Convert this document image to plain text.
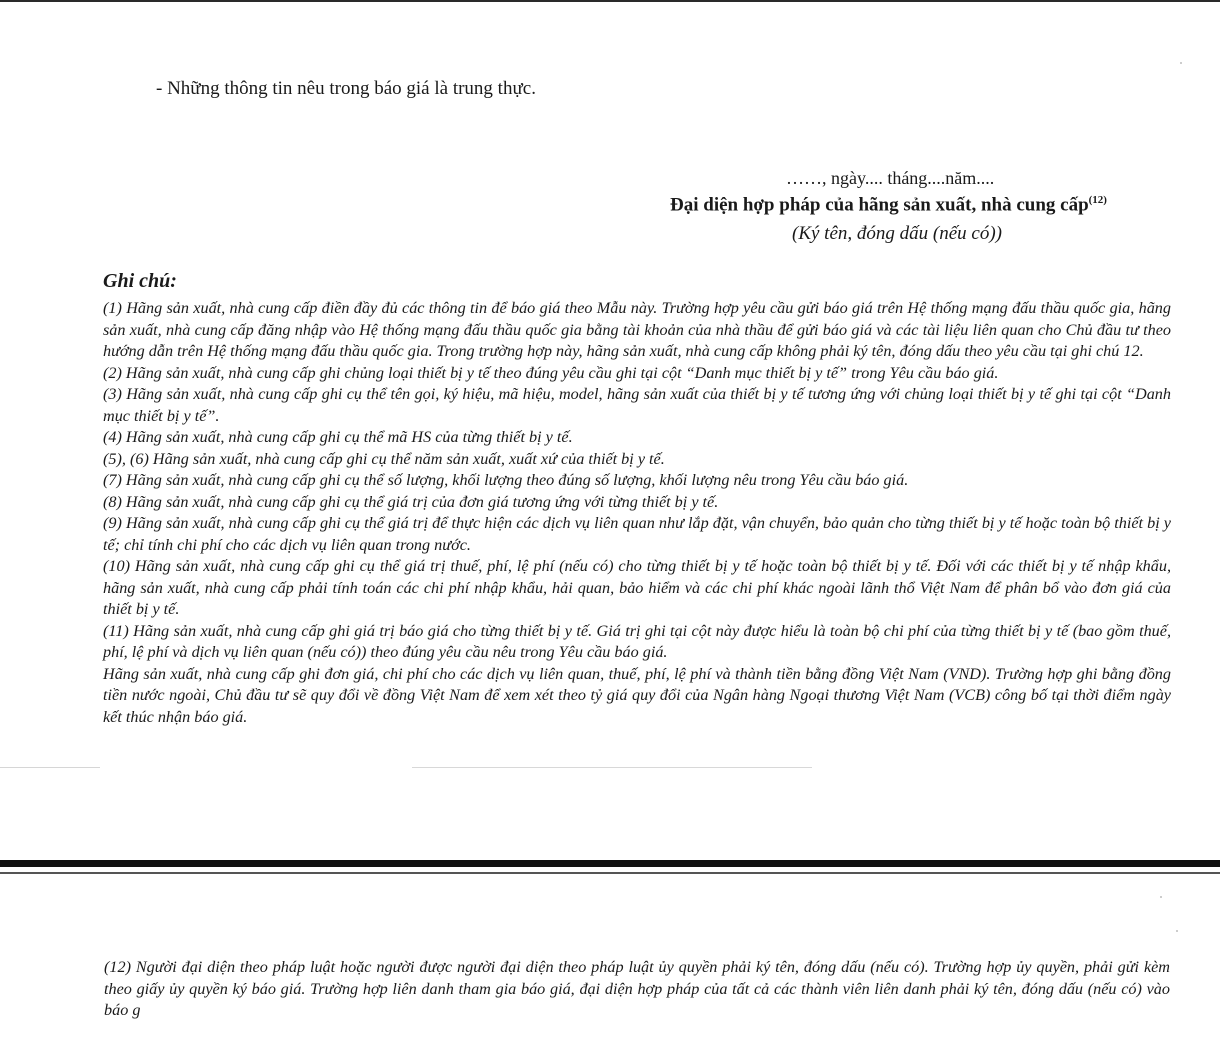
- Những thông tin nêu trong báo giá là trung thực.
……, ngày.... tháng....năm....
Đại diện hợp pháp của hãng sản xuất, nhà cung cấp$^{(12)}$
(Ký tên, đóng dấu (nếu có))
Ghi chú:

(1) Hãng sản xuất, nhà cung cấp điền đầy đủ các thông tin để báo giá theo Mẫu này. Trường hợp yêu cầu gửi báo giá trên Hệ thống mạng đấu thầu quốc gia, hãng sản xuất, nhà cung cấp đăng nhập vào Hệ thống mạng đấu thầu quốc gia bằng tài khoản của nhà thầu để gửi báo giá và các tài liệu liên quan cho Chủ đầu tư theo hướng dẫn trên Hệ thống mạng đấu thầu quốc gia. Trong trường hợp này, hãng sản xuất, nhà cung cấp không phải ký tên, đóng dấu theo yêu cầu tại ghi chú 12.

(2) Hãng sản xuất, nhà cung cấp ghi chủng loại thiết bị y tế theo đúng yêu cầu ghi tại cột “Danh mục thiết bị y tế” trong Yêu cầu báo giá.

(3) Hãng sản xuất, nhà cung cấp ghi cụ thể tên gọi, ký hiệu, mã hiệu, model, hãng sản xuất của thiết bị y tế tương ứng với chủng loại thiết bị y tế ghi tại cột “Danh mục thiết bị y tế”.

(4) Hãng sản xuất, nhà cung cấp ghi cụ thể mã HS của từng thiết bị y tế.

(5), (6) Hãng sản xuất, nhà cung cấp ghi cụ thể năm sản xuất, xuất xứ của thiết bị y tế.

(7) Hãng sản xuất, nhà cung cấp ghi cụ thể số lượng, khối lượng theo đúng số lượng, khối lượng nêu trong Yêu cầu báo giá.

(8) Hãng sản xuất, nhà cung cấp ghi cụ thể giá trị của đơn giá tương ứng với từng thiết bị y tế.

(9) Hãng sản xuất, nhà cung cấp ghi cụ thể giá trị để thực hiện các dịch vụ liên quan như lắp đặt, vận chuyển, bảo quản cho từng thiết bị y tế hoặc toàn bộ thiết bị y tế; chỉ tính chi phí cho các dịch vụ liên quan trong nước.

(10) Hãng sản xuất, nhà cung cấp ghi cụ thể giá trị thuế, phí, lệ phí (nếu có) cho từng thiết bị y tế hoặc toàn bộ thiết bị y tế. Đối với các thiết bị y tế nhập khẩu, hãng sản xuất, nhà cung cấp phải tính toán các chi phí nhập khẩu, hải quan, bảo hiểm và các chi phí khác ngoài lãnh thổ Việt Nam để phân bổ vào đơn giá của thiết bị y tế.

(11) Hãng sản xuất, nhà cung cấp ghi giá trị báo giá cho từng thiết bị y tế. Giá trị ghi tại cột này được hiểu là toàn bộ chi phí của từng thiết bị y tế (bao gồm thuế, phí, lệ phí và dịch vụ liên quan (nếu có)) theo đúng yêu cầu nêu trong Yêu cầu báo giá.

Hãng sản xuất, nhà cung cấp ghi đơn giá, chi phí cho các dịch vụ liên quan, thuế, phí, lệ phí và thành tiền bằng đồng Việt Nam (VND). Trường hợp ghi bằng đồng tiền nước ngoài, Chủ đầu tư sẽ quy đổi về đồng Việt Nam để xem xét theo tỷ giá quy đổi của Ngân hàng Ngoại thương Việt Nam (VCB) công bố tại thời điểm ngày kết thúc nhận báo giá.

(12) Người đại diện theo pháp luật hoặc người được người đại diện theo pháp luật ủy quyền phải ký tên, đóng dấu (nếu có). Trường hợp ủy quyền, phải gửi kèm theo giấy ủy quyền ký báo giá. Trường hợp liên danh tham gia báo giá, đại diện hợp pháp của tất cả các thành viên liên danh phải ký tên, đóng dấu (nếu có) vào báo g
